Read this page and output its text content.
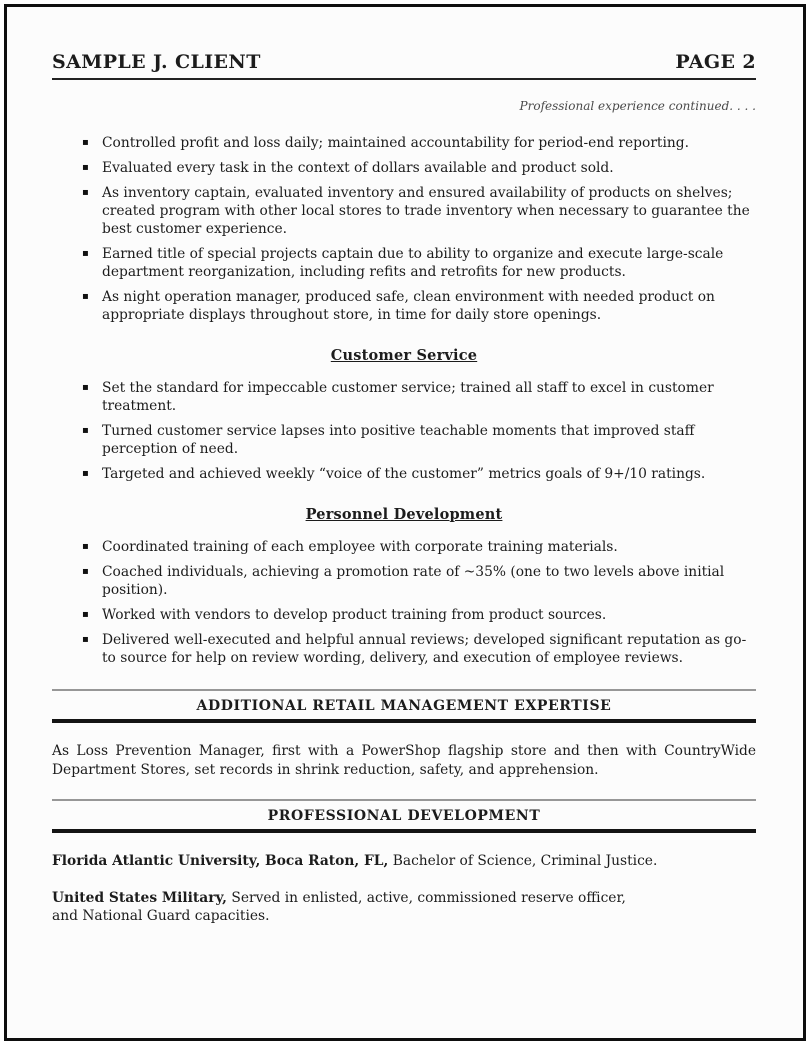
SAMPLE J. CLIENT	PAGE 2
Professional experience continued. . . .
▪ Controlled profit and loss daily; maintained accountability for period-end reporting.
▪ Evaluated every task in the context of dollars available and product sold.
▪ As inventory captain, evaluated inventory and ensured availability of products on shelves; created program with other local stores to trade inventory when necessary to guarantee the best customer experience.
▪ Earned title of special projects captain due to ability to organize and execute large-scale department reorganization, including refits and retrofits for new products.
▪ As night operation manager, produced safe, clean environment with needed product on appropriate displays throughout store, in time for daily store openings.
Customer Service
▪ Set the standard for impeccable customer service; trained all staff to excel in customer treatment.
▪ Turned customer service lapses into positive teachable moments that improved staff perception of need.
▪ Targeted and achieved weekly “voice of the customer” metrics goals of 9+/10 ratings.
Personnel Development
▪ Coordinated training of each employee with corporate training materials.
▪ Coached individuals, achieving a promotion rate of ~35% (one to two levels above initial position).
▪ Worked with vendors to develop product training from product sources.
▪ Delivered well-executed and helpful annual reviews; developed significant reputation as go-to source for help on review wording, delivery, and execution of employee reviews.
ADDITIONAL RETAIL MANAGEMENT EXPERTISE

As Loss Prevention Manager, first with a PowerShop flagship store and then with CountryWide Department Stores, set records in shrink reduction, safety, and apprehension.

PROFESSIONAL DEVELOPMENT

Florida Atlantic University, Boca Raton, FL, Bachelor of Science, Criminal Justice.

United States Military, Served in enlisted, active, commissioned reserve officer,
and National Guard capacities.
